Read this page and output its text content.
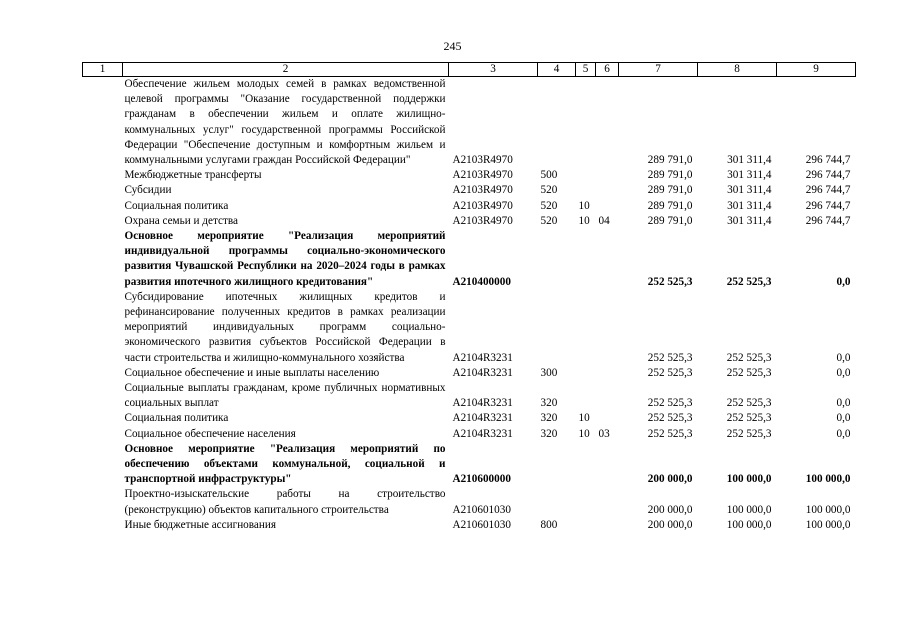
245
1	2	3	4	5	6	7	8	9
	Обеспечение жильем молодых семей в рамках ведомственной целевой программы "Оказание государственной поддержки гражданам в обеспечении жильем и оплате жилищно-коммунальных услуг" государственной программы Российской Федерации "Обеспечение доступным и комфортным жильем и коммунальными услугами граждан Российской Федерации"	А2103R4970				289 791,0	301 311,4	296 744,7
	Межбюджетные трансферты	А2103R4970	500			289 791,0	301 311,4	296 744,7
	Субсидии	А2103R4970	520			289 791,0	301 311,4	296 744,7
	Социальная политика	А2103R4970	520	10		289 791,0	301 311,4	296 744,7
	Охрана семьи и детства	А2103R4970	520	10	04	289 791,0	301 311,4	296 744,7
	Основное мероприятие "Реализация мероприятий индивидуальной программы социально-экономического развития Чувашской Республики на 2020–2024 годы в рамках развития ипотечного жилищного кредитования"	А210400000				252 525,3	252 525,3	0,0
	Субсидирование ипотечных жилищных кредитов и рефинансирование полученных кредитов в рамках реализации мероприятий индивидуальных программ социально-экономического развития субъектов Российской Федерации в части строительства и жилищно-коммунального хозяйства	А2104R3231				252 525,3	252 525,3	0,0
	Социальное обеспечение и иные выплаты населению	А2104R3231	300			252 525,3	252 525,3	0,0
	Социальные выплаты гражданам, кроме публичных нормативных социальных выплат	А2104R3231	320			252 525,3	252 525,3	0,0
	Социальная политика	А2104R3231	320	10		252 525,3	252 525,3	0,0
	Социальное обеспечение населения	А2104R3231	320	10	03	252 525,3	252 525,3	0,0
	Основное мероприятие "Реализация мероприятий по обеспечению объектами коммунальной, социальной и транспортной инфраструктуры"	А210600000				200 000,0	100 000,0	100 000,0
	Проектно-изыскательские работы на строительство (реконструкцию) объектов капитального строительства	А210601030				200 000,0	100 000,0	100 000,0
	Иные бюджетные ассигнования	А210601030	800			200 000,0	100 000,0	100 000,0
